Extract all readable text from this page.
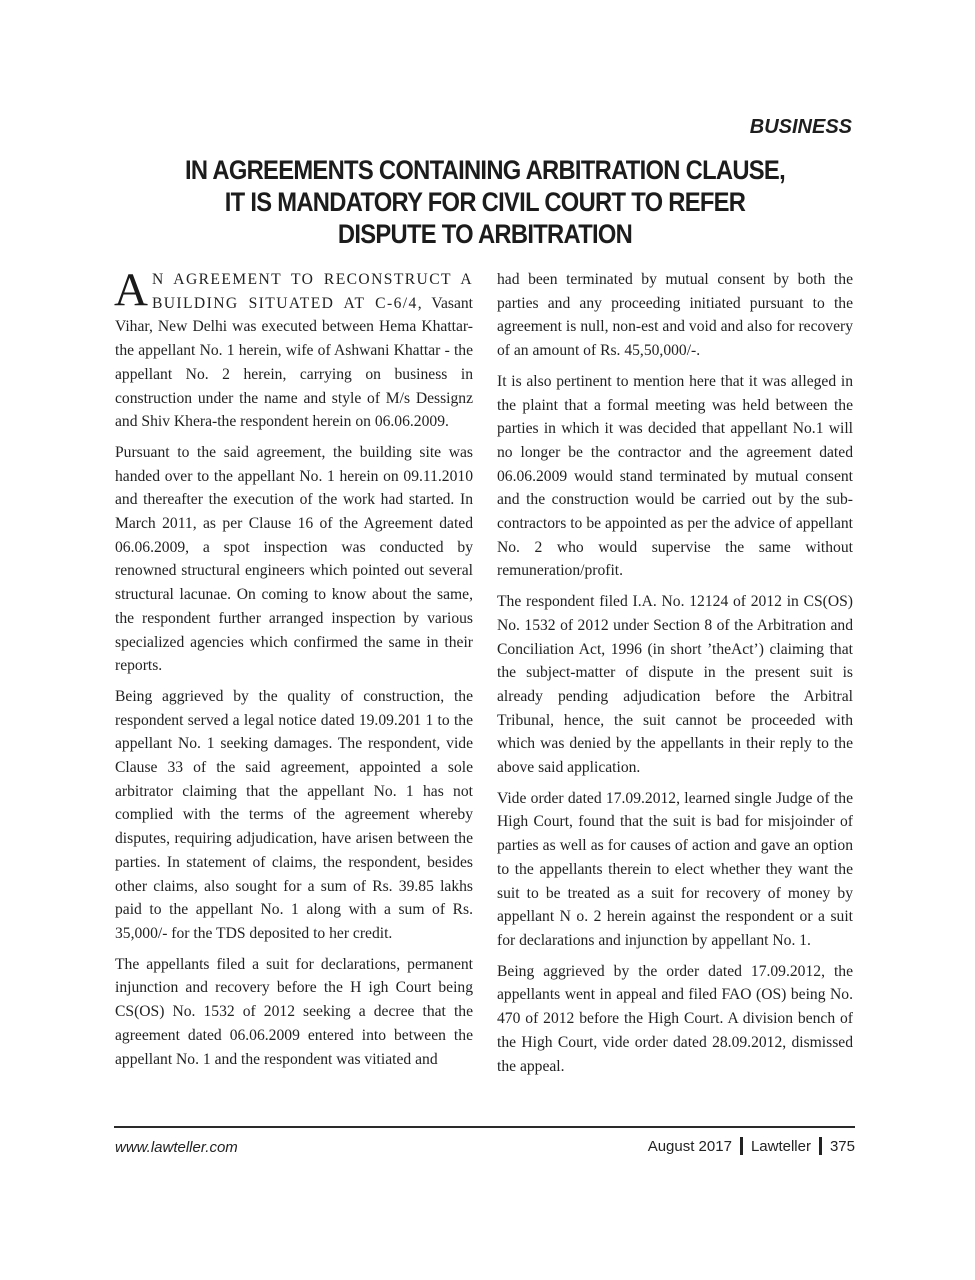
BUSINESS
IN AGREEMENTS CONTAINING ARBITRATION CLAUSE,
IT IS MANDATORY FOR CIVIL COURT TO REFER
DISPUTE TO ARBITRATION

A N AGREEMENT TO RECONSTRUCT A BUILDING SITUATED AT C-6/4, Vasant Vihar, New Delhi was executed between Hema Khattar-the appellant No. 1 herein, wife of Ashwani Khattar - the appellant No. 2 herein, carrying on business in construction under the name and style of M/s Dessignz and Shiv Khera-the respondent herein on 06.06.2009.

Pursuant to the said agreement, the building site was handed over to the appellant No. 1 herein on 09.11.2010 and thereafter the execution of the work had started. In March 2011, as per Clause 16 of the Agreement dated 06.06.2009, a spot inspection was conducted by renowned structural engineers which pointed out several structural lacunae. On coming to know about the same, the respondent further arranged inspection by various specialized agencies which confirmed the same in their reports.

Being aggrieved by the quality of construction, the respondent served a legal notice dated 19.09.201 1 to the appellant No. 1 seeking damages. The respondent, vide Clause 33 of the said agreement, appointed a sole arbitrator claiming that the appellant No. 1 has not complied with the terms of the agreement whereby disputes, requiring adjudication, have arisen between the parties. In statement of claims, the respondent, besides other claims, also sought for a sum of Rs. 39.85 lakhs paid to the appellant No. 1 along with a sum of Rs. 35,000/- for the TDS deposited to her credit.

The appellants filed a suit for declarations, permanent injunction and recovery before the H igh Court being CS(OS) No. 1532 of 2012 seeking a decree that the agreement dated 06.06.2009 entered into between the appellant No. 1 and the respondent was vitiated and

had been terminated by mutual consent by both the parties and any proceeding initiated pursuant to the agreement is null, non-est and void and also for recovery of an amount of Rs. 45,50,000/-.

It is also pertinent to mention here that it was alleged in the plaint that a formal meeting was held between the parties in which it was decided that appellant No.1 will no longer be the contractor and the agreement dated 06.06.2009 would stand terminated by mutual consent and the construction would be carried out by the sub-contractors to be appointed as per the advice of appellant No. 2 who would supervise the same without remuneration/profit.

The respondent filed I.A. No. 12124 of 2012 in CS(OS) No. 1532 of 2012 under Section 8 of the Arbitration and Conciliation Act, 1996 (in short ’theAct’) claiming that the subject-matter of dispute in the present suit is already pending adjudication before the Arbitral Tribunal, hence, the suit cannot be proceeded with which was denied by the appellants in their reply to the above said application.

Vide order dated 17.09.2012, learned single Judge of the High Court, found that the suit is bad for misjoinder of parties as well as for causes of action and gave an option to the appellants therein to elect whether they want the suit to be treated as a suit for recovery of money by appellant N o. 2 herein against the respondent or a suit for declarations and injunction by appellant No. 1.

Being aggrieved by the order dated 17.09.2012, the appellants went in appeal and filed FAO (OS) being No. 470 of 2012 before the High Court. A division bench of the High Court, vide order dated 28.09.2012, dismissed the appeal.

www.lawteller.com	August 2017 Lawteller 375
